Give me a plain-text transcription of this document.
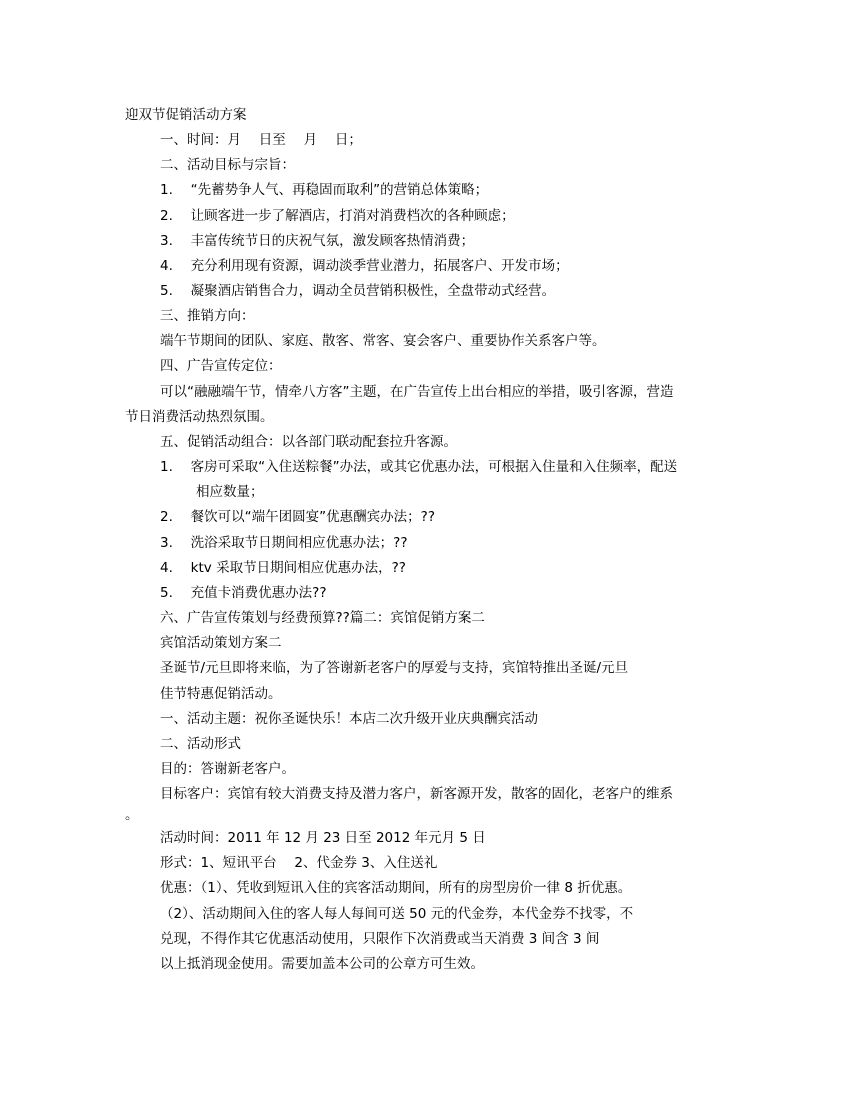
迎双节促销活动方案
一、时间：月　 日至　 月　 日；
二、活动目标与宗旨：
1.　 “先蓄势争人气、再稳固而取利”的营销总体策略；
2.　 让顾客进一步了解酒店，打消对消费档次的各种顾虑；
3.　 丰富传统节日的庆祝气氛，激发顾客热情消费；
4.　 充分利用现有资源，调动淡季营业潜力，拓展客户、开发市场；
5.　 凝聚酒店销售合力，调动全员营销积极性，全盘带动式经营。
三、推销方向：
端午节期间的团队、家庭、散客、常客、宴会客户、重要协作关系客户等。
四、广告宣传定位：
可以“融融端午节，情牵八方客”主题，在广告宣传上出台相应的举措，吸引客源，营造
节日消费活动热烈氛围。
五、促销活动组合：以各部门联动配套拉升客源。
1.　 客房可采取“入住送粽餐”办法，或其它优惠办法，可根据入住量和入住频率，配送
相应数量；
2.　 餐饮可以“端午团圆宴”优惠酬宾办法；??
3.　 洗浴采取节日期间相应优惠办法；??
4.　 ktv 采取节日期间相应优惠办法，??
5.　 充值卡消费优惠办法??
六、广告宣传策划与经费预算??篇二：宾馆促销方案二
宾馆活动策划方案二
圣诞节/元旦即将来临，为了答谢新老客户的厚爱与支持，宾馆特推出圣诞/元旦
佳节特惠促销活动。
一、活动主题：祝你圣诞快乐！本店二次升级开业庆典酬宾活动
二、活动形式
目的：答谢新老客户。
目标客户：宾馆有较大消费支持及潜力客户，新客源开发，散客的固化，老客户的维系
。
活动时间：2011 年 12 月 23 日至 2012 年元月 5 日
形式：1、短讯平台　 2、代金券 3、入住送礼
优惠：（1）、凭收到短讯入住的宾客活动期间，所有的房型房价一律 8 折优惠。
（2）、活动期间入住的客人每人每间可送 50 元的代金券，本代金券不找零，不
兑现，不得作其它优惠活动使用，只限作下次消费或当天消费 3 间含 3 间
以上抵消现金使用。需要加盖本公司的公章方可生效。
